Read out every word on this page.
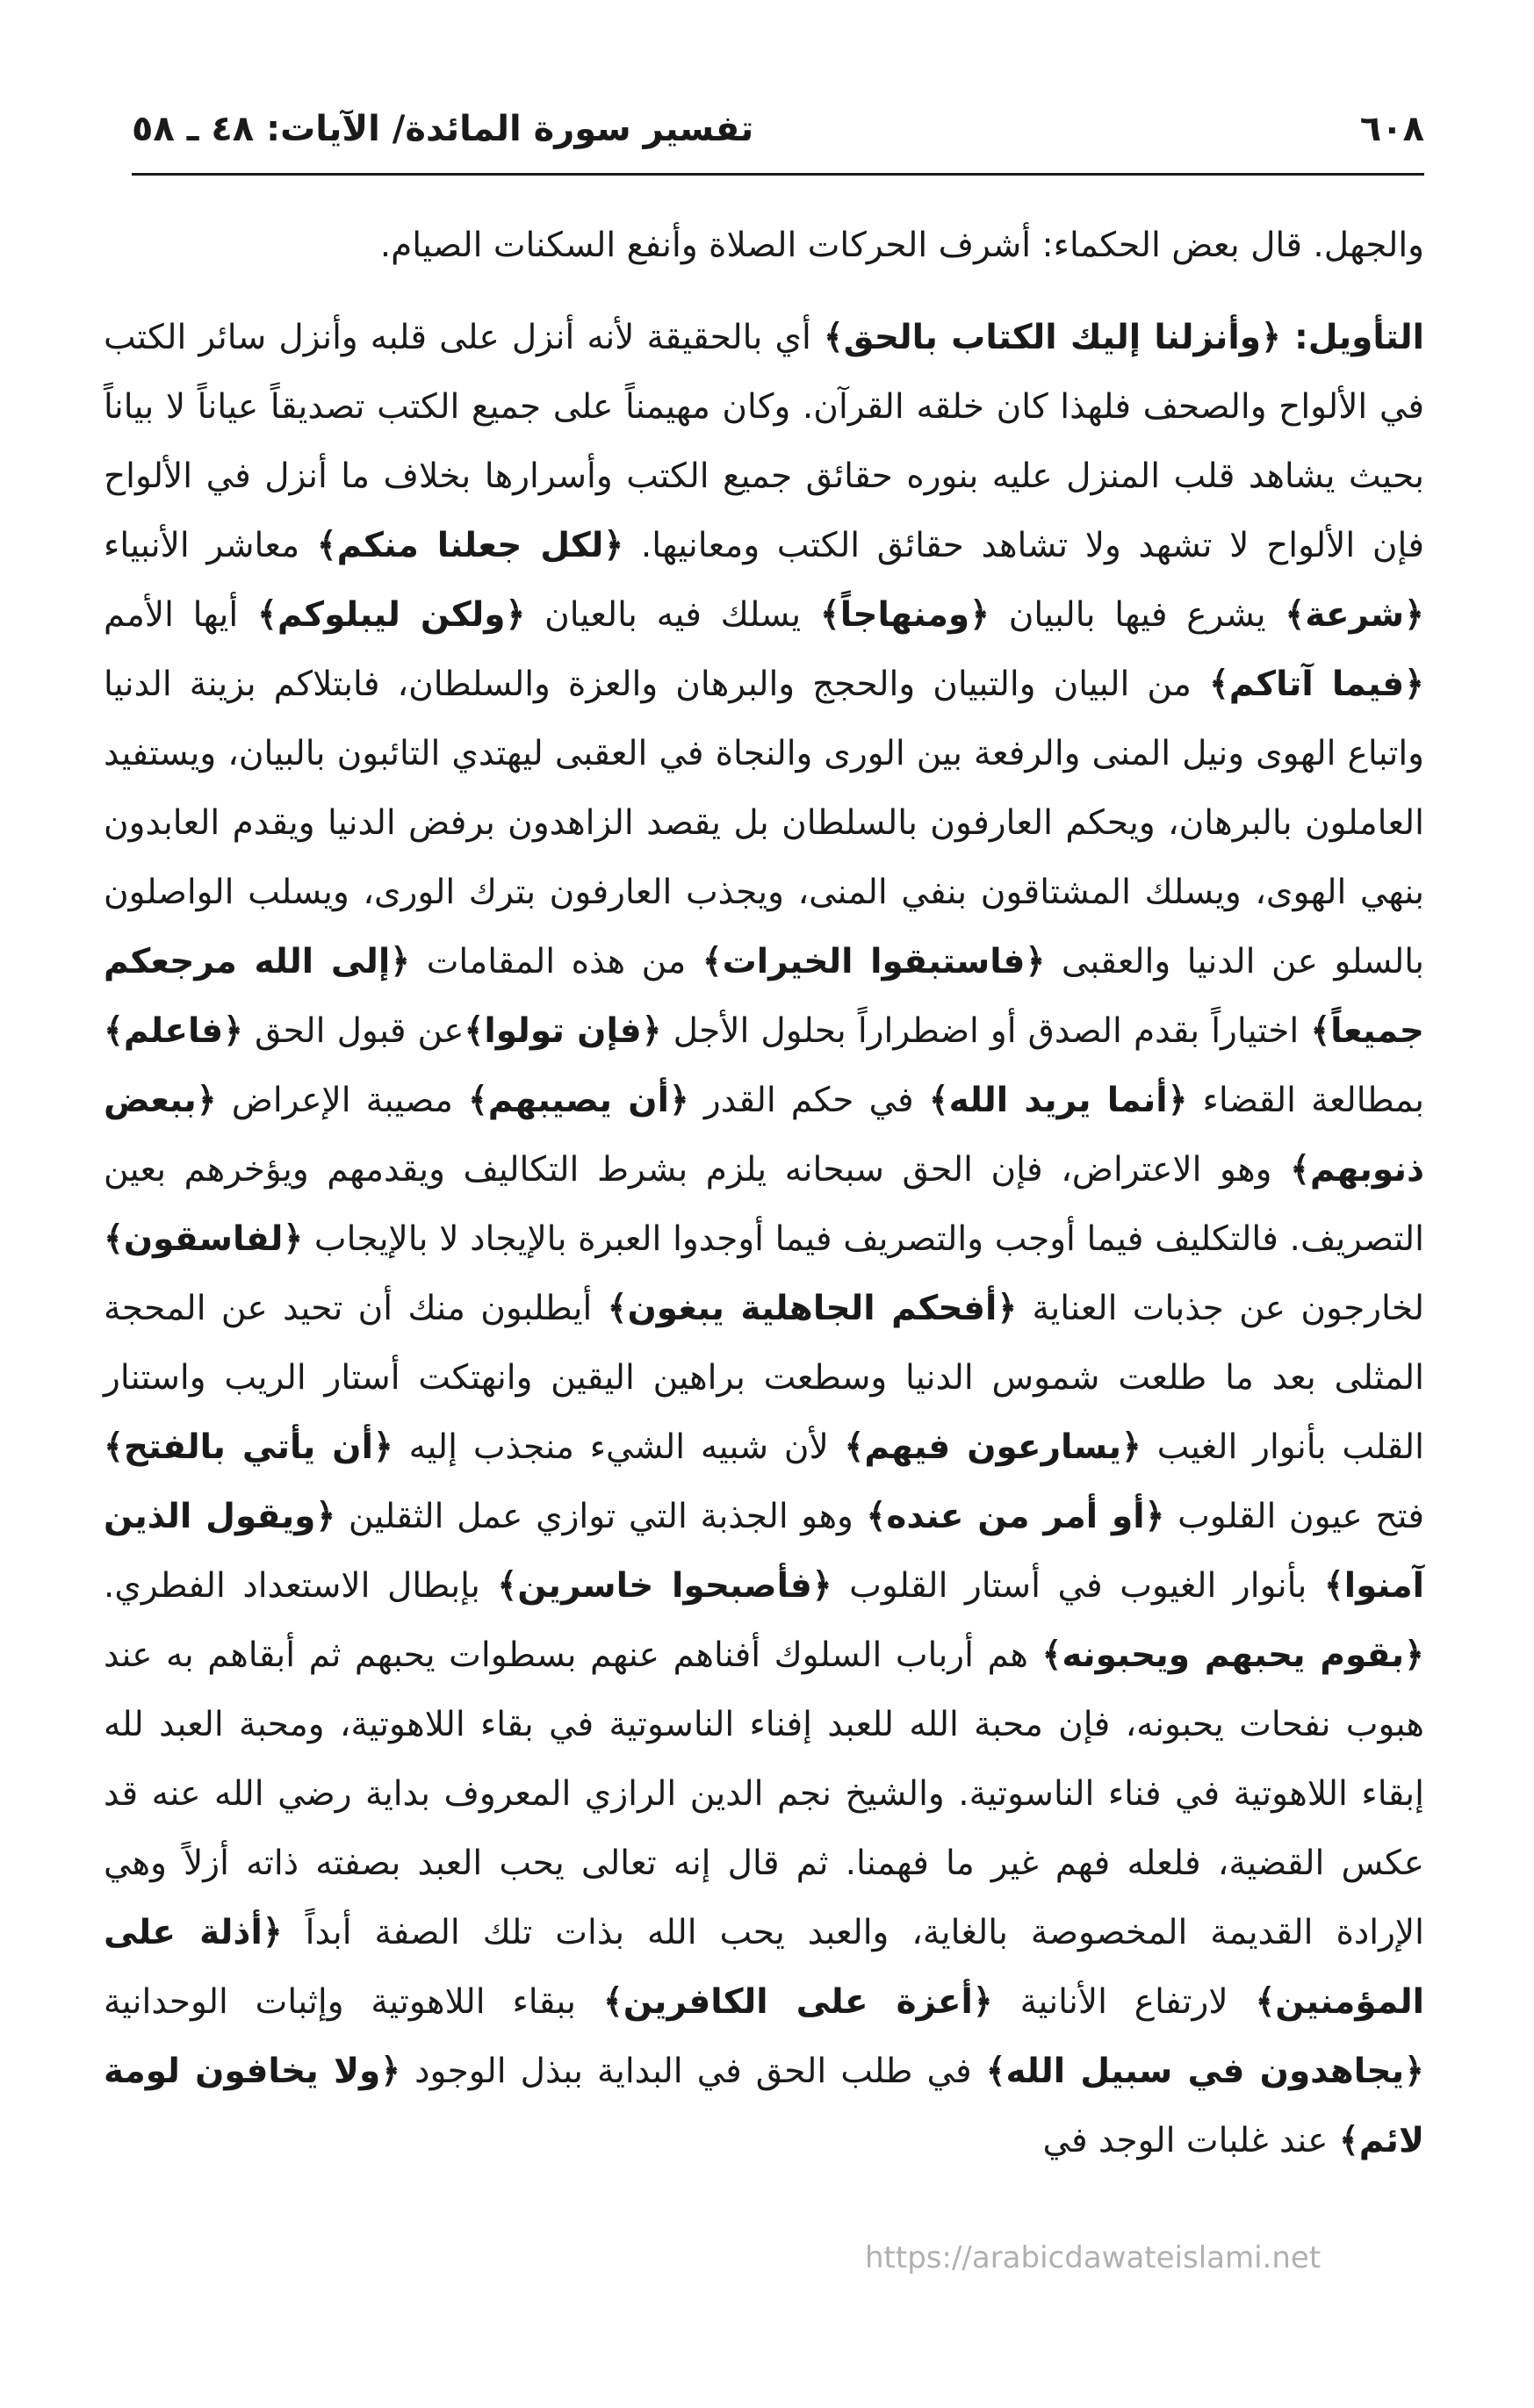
٦٠٨
تفسير سورة المائدة/ الآيات: ٤٨ ـ ٥٨

والجهل. قال بعض الحكماء: أشرف الحركات الصلاة وأنفع السكنات الصيام.

التأويل: ﴿وأنزلنا إليك الكتاب بالحق﴾ أي بالحقيقة لأنه أنزل على قلبه وأنزل سائر الكتب في الألواح والصحف فلهذا كان خلقه القرآن. وكان مهيمناً على جميع الكتب تصديقاً عياناً لا بياناً بحيث يشاهد قلب المنزل عليه بنوره حقائق جميع الكتب وأسرارها بخلاف ما أنزل في الألواح فإن الألواح لا تشهد ولا تشاهد حقائق الكتب ومعانيها. ﴿لكل جعلنا منكم﴾ معاشر الأنبياء ﴿شرعة﴾ يشرع فيها بالبيان ﴿ومنهاجاً﴾ يسلك فيه بالعيان ﴿ولكن ليبلوكم﴾ أيها الأمم ﴿فيما آتاكم﴾ من البيان والتبيان والحجج والبرهان والعزة والسلطان، فابتلاكم بزينة الدنيا واتباع الهوى ونيل المنى والرفعة بين الورى والنجاة في العقبى ليهتدي التائبون بالبيان، ويستفيد العاملون بالبرهان، ويحكم العارفون بالسلطان بل يقصد الزاهدون برفض الدنيا ويقدم العابدون بنهي الهوى، ويسلك المشتاقون بنفي المنى، ويجذب العارفون بترك الورى، ويسلب الواصلون بالسلو عن الدنيا والعقبى ﴿فاستبقوا الخيرات﴾ من هذه المقامات ﴿إلى الله مرجعكم جميعاً﴾ اختياراً بقدم الصدق أو اضطراراً بحلول الأجل ﴿فإن تولوا﴾عن قبول الحق ﴿فاعلم﴾ بمطالعة القضاء ﴿أنما يريد الله﴾ في حكم القدر ﴿أن يصيبهم﴾ مصيبة الإعراض ﴿ببعض ذنوبهم﴾ وهو الاعتراض، فإن الحق سبحانه يلزم بشرط التكاليف ويقدمهم ويؤخرهم بعين التصريف. فالتكليف فيما أوجب والتصريف فيما أوجدوا العبرة بالإيجاد لا بالإيجاب ﴿لفاسقون﴾ لخارجون عن جذبات العناية ﴿أفحكم الجاهلية يبغون﴾ أيطلبون منك أن تحيد عن المحجة المثلى بعد ما طلعت شموس الدنيا وسطعت براهين اليقين وانهتكت أستار الريب واستنار القلب بأنوار الغيب ﴿يسارعون فيهم﴾ لأن شبيه الشيء منجذب إليه ﴿أن يأتي بالفتح﴾ فتح عيون القلوب ﴿أو أمر من عنده﴾ وهو الجذبة التي توازي عمل الثقلين ﴿ويقول الذين آمنوا﴾ بأنوار الغيوب في أستار القلوب ﴿فأصبحوا خاسرين﴾ بإبطال الاستعداد الفطري. ﴿بقوم يحبهم ويحبونه﴾ هم أرباب السلوك أفناهم عنهم بسطوات يحبهم ثم أبقاهم به عند هبوب نفحات يحبونه، فإن محبة الله للعبد إفناء الناسوتية في بقاء اللاهوتية، ومحبة العبد لله إبقاء اللاهوتية في فناء الناسوتية. والشيخ نجم الدين الرازي المعروف بداية رضي الله عنه قد عكس القضية، فلعله فهم غير ما فهمنا. ثم قال إنه تعالى يحب العبد بصفته ذاته أزلاً وهي الإرادة القديمة المخصوصة بالغاية، والعبد يحب الله بذات تلك الصفة أبداً ﴿أذلة على المؤمنين﴾ لارتفاع الأنانية ﴿أعزة على الكافرين﴾ ببقاء اللاهوتية وإثبات الوحدانية ﴿يجاهدون في سبيل الله﴾ في طلب الحق في البداية ببذل الوجود ﴿ولا يخافون لومة لائم﴾ عند غلبات الوجد في

https://arabicdawateislami.net
